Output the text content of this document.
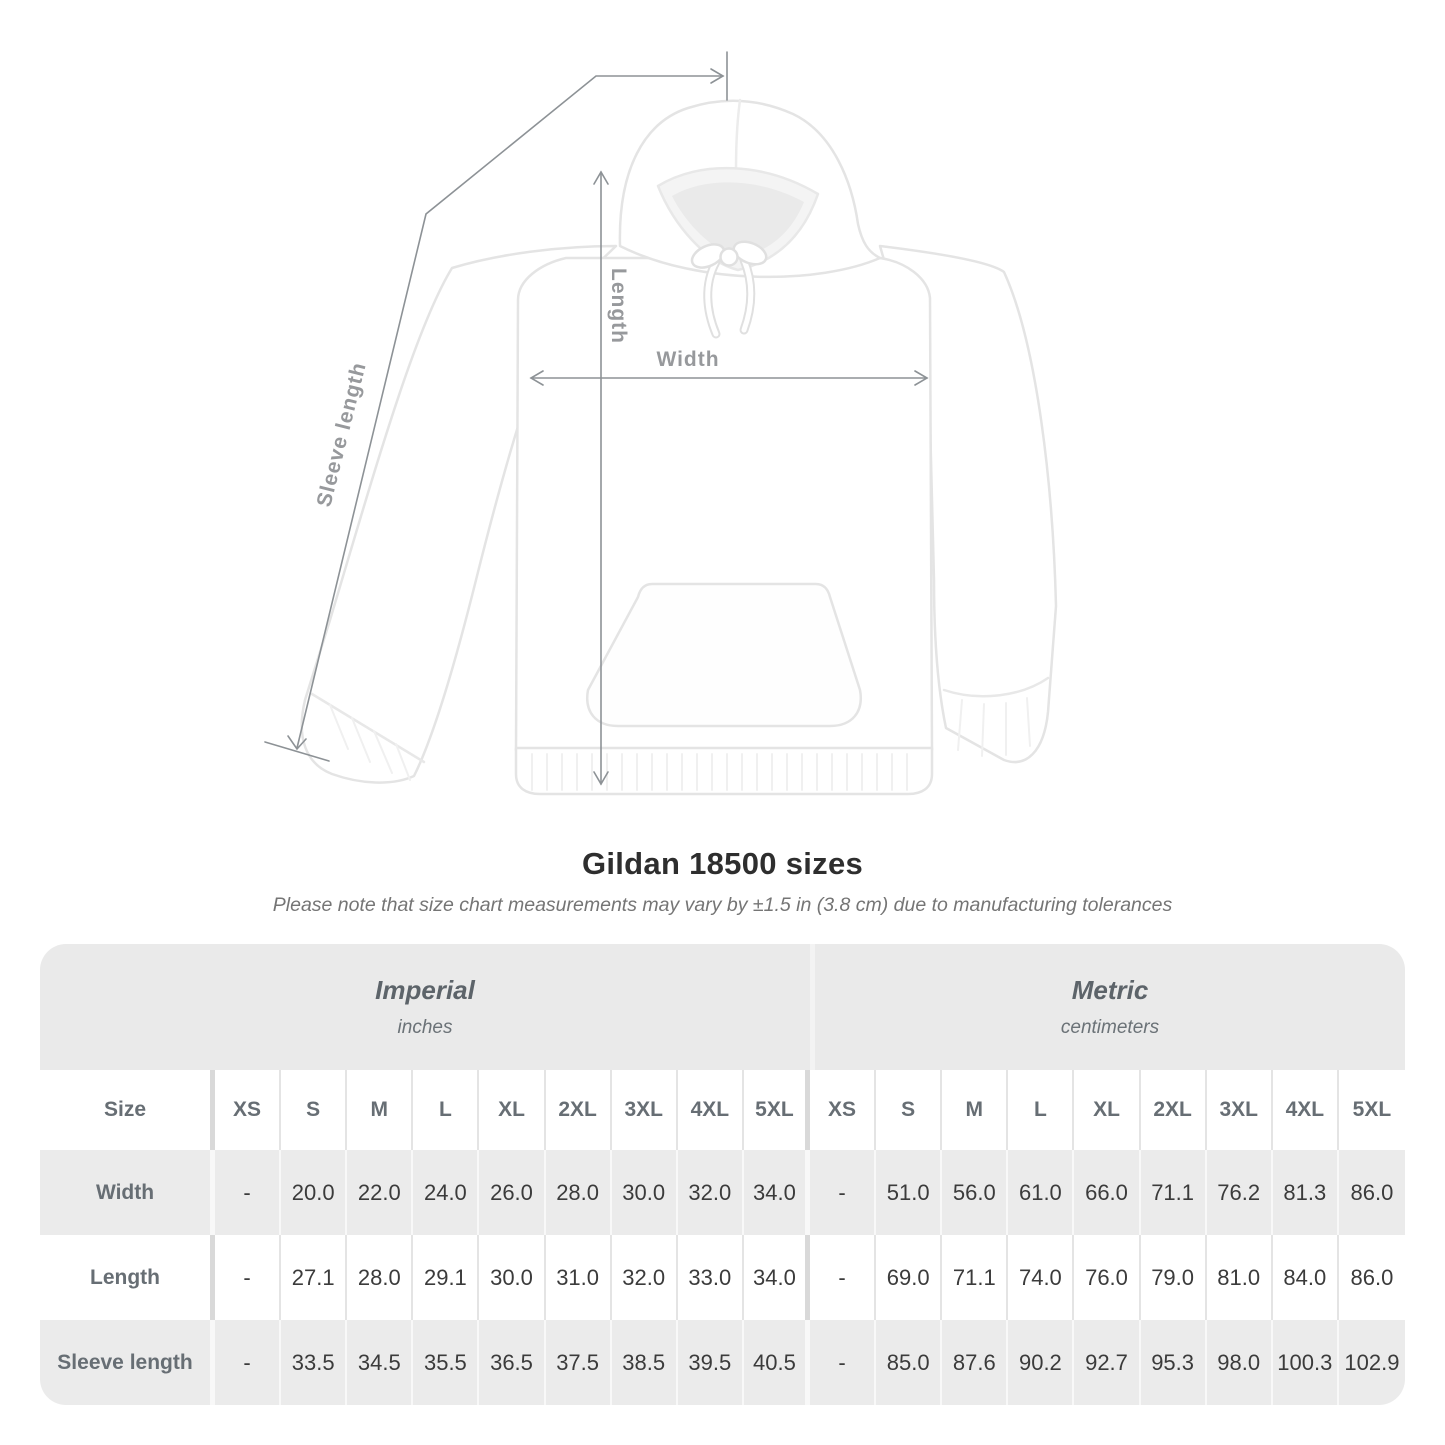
Length
Width
Sleeve length
Gildan 18500 sizes
Please note that size chart measurements may vary by ±1.5 in (3.8 cm) due to manufacturing tolerances
Imperial
inches
Metric
centimeters
Size	XS	S	M	L	XL	2XL	3XL	4XL	5XL	XS	S	M	L	XL	2XL	3XL	4XL	5XL
Width	-	20.0	22.0	24.0	26.0	28.0	30.0	32.0 34.0	-	51.0	56.0	61.0	66.0	71.1	76.2	81.3	86.0
Length	-	27.1	28.0	29.1	30.0	31.0	32.0	33.0 34.0	-	69.0	71.1	74.0	76.0	79.0	81.0	84.0	86.0
Sleeve length	-	33.5	34.5	35.5	36.5	37.5	38.5	39.5 40.5	-	85.0	87.6	90.2	92.7	95.3	98.0 100.3 102.9
